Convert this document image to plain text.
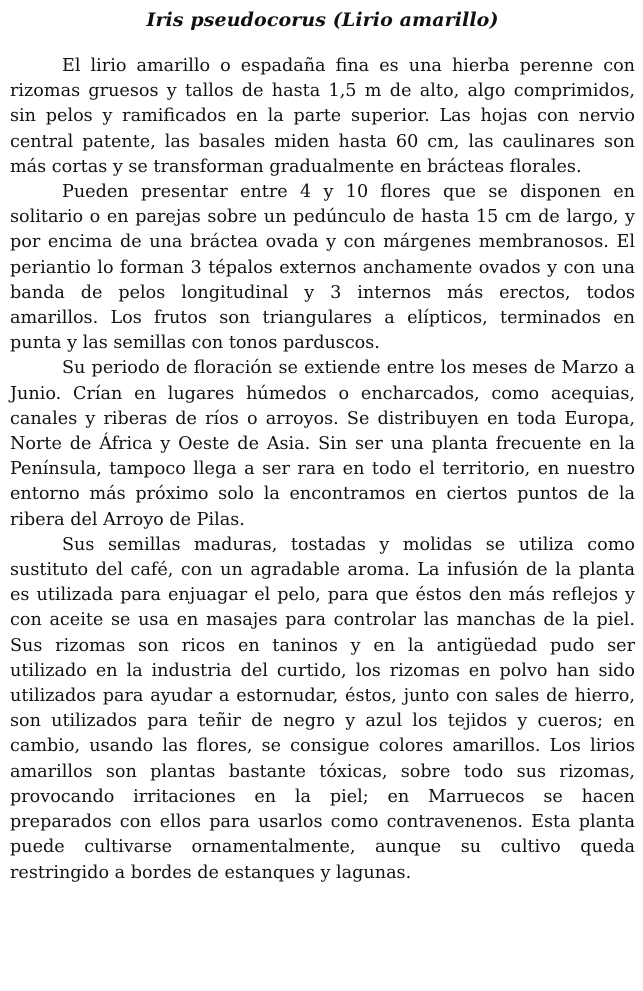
Iris pseudocorus (Lirio amarillo)

El lirio amarillo o espadaña fina es una hierba perenne con rizomas gruesos y tallos de hasta 1,5 m de alto, algo comprimidos, sin pelos y ramificados en la parte superior. Las hojas con nervio central patente, las basales miden hasta 60 cm, las caulinares son más cortas y se transforman gradualmente en brácteas florales.

Pueden presentar entre 4 y 10 flores que se disponen en solitario o en parejas sobre un pedúnculo de hasta 15 cm de largo, y por encima de una bráctea ovada y con márgenes membranosos. El periantio lo forman 3 tépalos externos anchamente ovados y con una banda de pelos longitudinal y 3 internos más erectos, todos amarillos. Los frutos son triangulares a elípticos, terminados en punta y las semillas con tonos parduscos.

Su periodo de floración se extiende entre los meses de Marzo a Junio. Crían en lugares húmedos o encharcados, como acequias, canales y riberas de ríos o arroyos. Se distribuyen en toda Europa, Norte de África y Oeste de Asia. Sin ser una planta frecuente en la Península, tampoco llega a ser rara en todo el territorio, en nuestro entorno más próximo solo la encontramos en ciertos puntos de la ribera del Arroyo de Pilas.

Sus semillas maduras, tostadas y molidas se utiliza como sustituto del café, con un agradable aroma. La infusión de la planta es utilizada para enjuagar el pelo, para que éstos den más reflejos y con aceite se usa en masajes para controlar las manchas de la piel. Sus rizomas son ricos en taninos y en la antigüedad pudo ser utilizado en la industria del curtido, los rizomas en polvo han sido utilizados para ayudar a estornudar, éstos, junto con sales de hierro, son utilizados para teñir de negro y azul los tejidos y cueros; en cambio, usando las flores, se consigue colores amarillos. Los lirios amarillos son plantas bastante tóxicas, sobre todo sus rizomas, provocando irritaciones en la piel; en Marruecos se hacen preparados con ellos para usarlos como contravenenos. Esta planta puede cultivarse ornamentalmente, aunque su cultivo queda restringido a bordes de estanques y lagunas.
